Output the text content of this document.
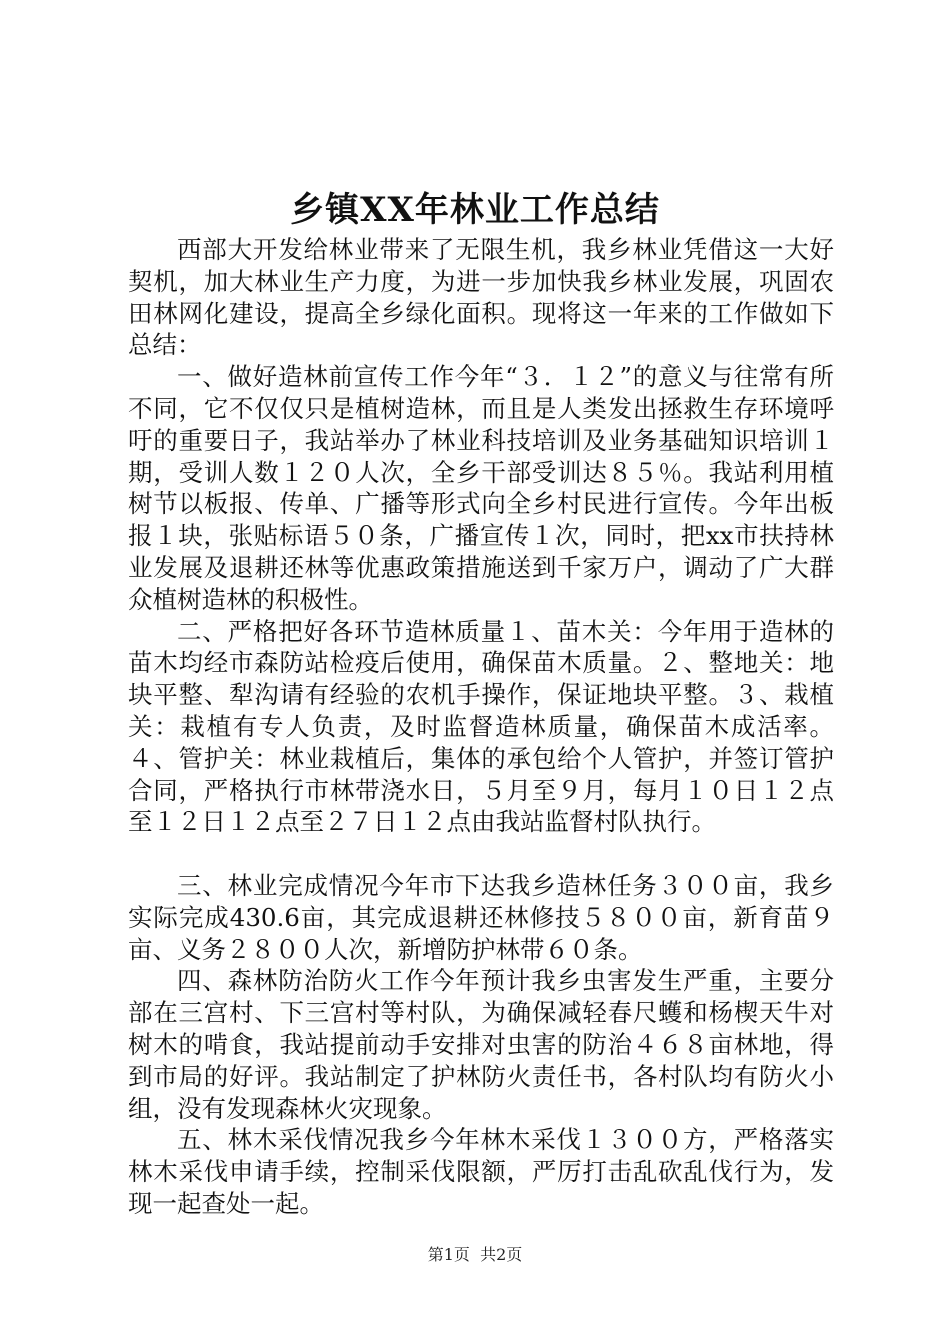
乡镇XX年林业工作总结

西部大开发给林业带来了无限生机，我乡林业凭借这一大好契机，加大林业生产力度，为进一步加快我乡林业发展，巩固农田林网化建设，提高全乡绿化面积。现将这一年来的工作做如下总结：

一、做好造林前宣传工作今年“３．１２”的意义与往常有所不同，它不仅仅只是植树造林，而且是人类发出拯救生存环境呼吁的重要日子，我站举办了林业科技培训及业务基础知识培训１期，受训人数１２０人次，全乡干部受训达８５％。我站利用植树节以板报、传单、广播等形式向全乡村民进行宣传。今年出板报１块，张贴标语５０条，广播宣传１次，同时，把xx市扶持林业发展及退耕还林等优惠政策措施送到千家万户，调动了广大群众植树造林的积极性。

二、严格把好各环节造林质量１、苗木关：今年用于造林的苗木均经市森防站检疫后使用，确保苗木质量。２、整地关：地块平整、犁沟请有经验的农机手操作，保证地块平整。３、栽植关：栽植有专人负责，及时监督造林质量，确保苗木成活率。４、管护关：林业栽植后，集体的承包给个人管护，并签订管护合同，严格执行市林带浇水日，５月至９月，每月１０日１２点至１２日１２点至２７日１２点由我站监督村队执行。

三、林业完成情况今年市下达我乡造林任务３００亩，我乡实际完成430.6亩，其完成退耕还林修技５８００亩，新育苗９亩、义务２８００人次，新增防护林带６０条。

四、森林防治防火工作今年预计我乡虫害发生严重，主要分部在三宫村、下三宫村等村队，为确保减轻春尺蠖和杨楔天牛对树木的啃食，我站提前动手安排对虫害的防治４６８亩林地，得到市局的好评。我站制定了护林防火责任书，各村队均有防火小组，没有发现森林火灾现象。

五、林木采伐情况我乡今年林木采伐１３００方，严格落实林木采伐申请手续，控制采伐限额，严厉打击乱砍乱伐行为，发现一起查处一起。

第1页 共2页
